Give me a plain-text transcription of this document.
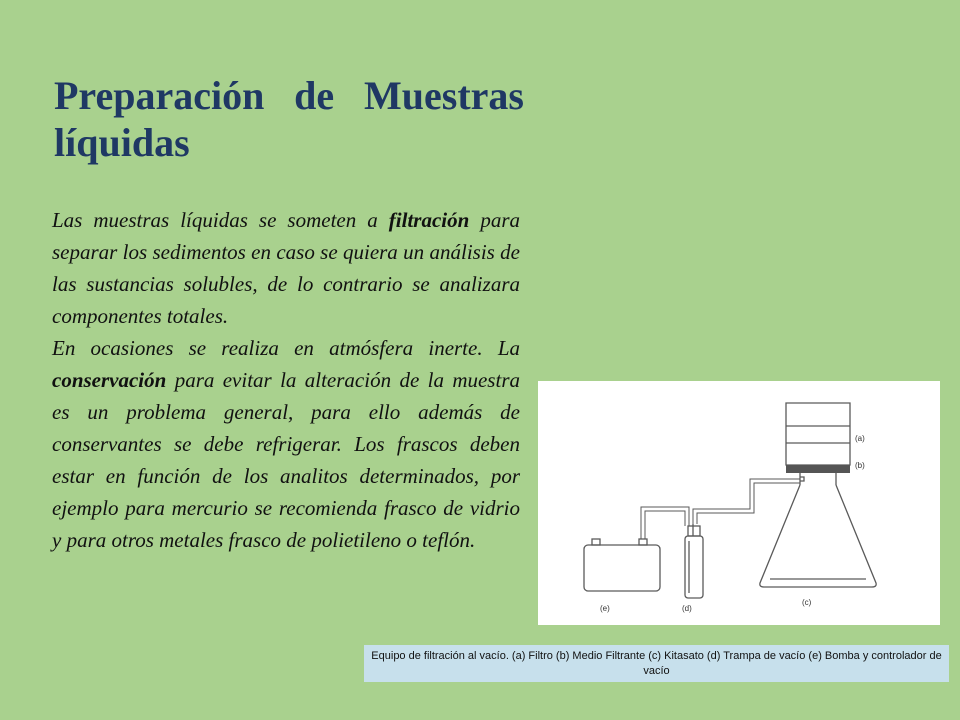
Preparación de Muestras líquidas

Las muestras líquidas se someten a filtración para separar los sedimentos en caso se quiera un análisis de las sustancias solubles, de lo contrario se analizara componentes totales.

En ocasiones se realiza en atmósfera inerte. La conservación para evitar la alteración de la muestra es un problema general, para ello además de conservantes se debe refrigerar. Los frascos deben estar en función de los analitos determinados, por ejemplo para mercurio se recomienda frasco de vidrio y para otros metales frasco de polietileno o teflón.

(a)
(b)
(c)
(d)
(e)
Equipo de filtración al vacío. (a) Filtro (b) Medio Filtrante (c) Kitasato (d) Trampa de vacío (e) Bomba y controlador de vacío
